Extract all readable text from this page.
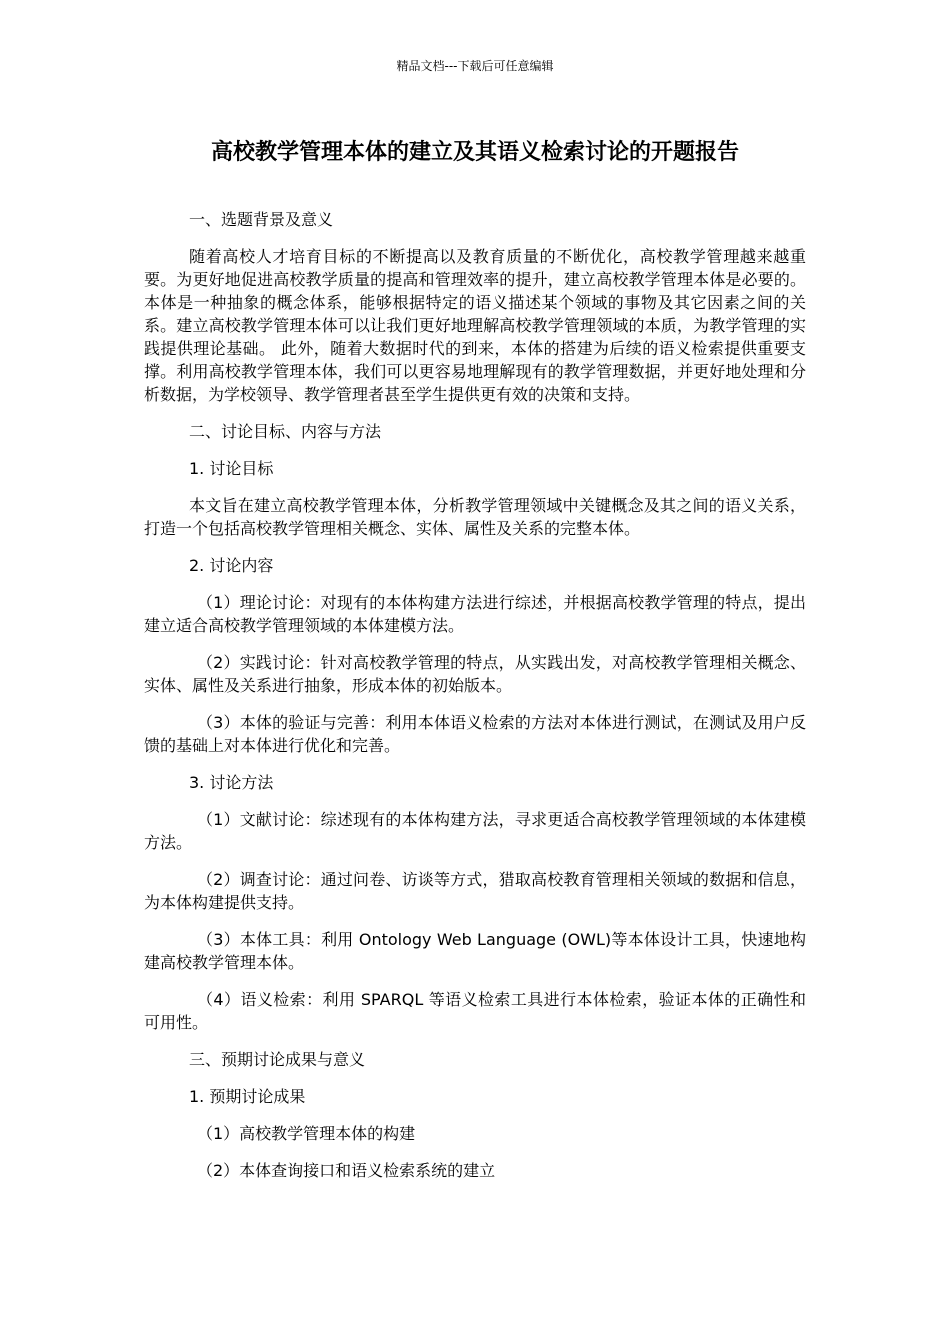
精品文档---下载后可任意编辑
高校教学管理本体的建立及其语义检索讨论的开题报告

一、选题背景及意义

随着高校人才培育目标的不断提高以及教育质量的不断优化，高校教学管理越来越重要。为更好地促进高校教学质量的提高和管理效率的提升，建立高校教学管理本体是必要的。本体是一种抽象的概念体系，能够根据特定的语义描述某个领域的事物及其它因素之间的关系。建立高校教学管理本体可以让我们更好地理解高校教学管理领域的本质，为教学管理的实践提供理论基础。 此外，随着大数据时代的到来，本体的搭建为后续的语义检索提供重要支撑。利用高校教学管理本体，我们可以更容易地理解现有的教学管理数据，并更好地处理和分析数据，为学校领导、教学管理者甚至学生提供更有效的决策和支持。

二、讨论目标、内容与方法

1. 讨论目标

本文旨在建立高校教学管理本体，分析教学管理领域中关键概念及其之间的语义关系，打造一个包括高校教学管理相关概念、实体、属性及关系的完整本体。

2. 讨论内容

（1）理论讨论：对现有的本体构建方法进行综述，并根据高校教学管理的特点，提出建立适合高校教学管理领域的本体建模方法。

（2）实践讨论：针对高校教学管理的特点，从实践出发，对高校教学管理相关概念、实体、属性及关系进行抽象，形成本体的初始版本。

（3）本体的验证与完善：利用本体语义检索的方法对本体进行测试，在测试及用户反馈的基础上对本体进行优化和完善。

3. 讨论方法

（1）文献讨论：综述现有的本体构建方法，寻求更适合高校教学管理领域的本体建模方法。

（2）调查讨论：通过问卷、访谈等方式，猎取高校教育管理相关领域的数据和信息，为本体构建提供支持。

（3）本体工具：利用 Ontology Web Language (OWL)等本体设计工具，快速地构建高校教学管理本体。

（4）语义检索：利用 SPARQL 等语义检索工具进行本体检索，验证本体的正确性和可用性。

三、预期讨论成果与意义

1. 预期讨论成果

（1）高校教学管理本体的构建

（2）本体查询接口和语义检索系统的建立
